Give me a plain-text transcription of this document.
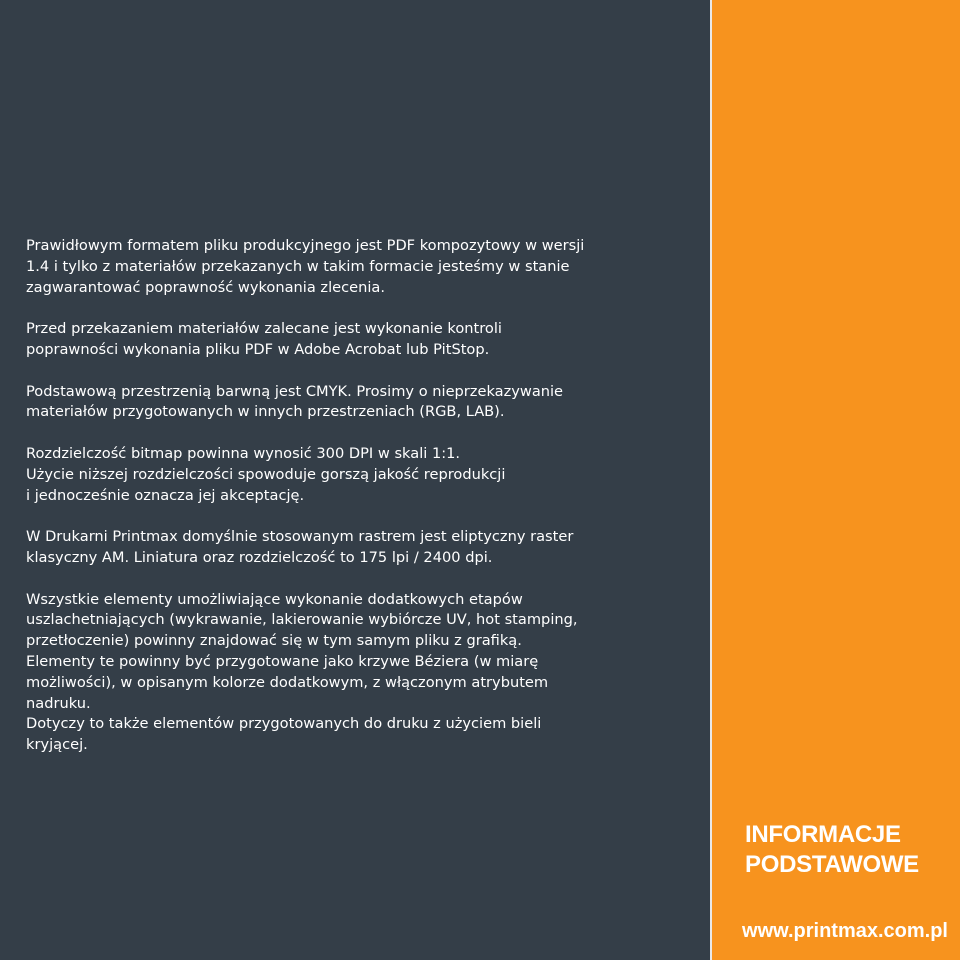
Prawidłowym formatem pliku produkcyjnego jest PDF kompozytowy w wersji
1.4 i tylko z materiałów przekazanych w takim formacie jesteśmy w stanie
zagwarantować poprawność wykonania zlecenia.

Przed przekazaniem materiałów zalecane jest wykonanie kontroli
poprawności wykonania pliku PDF w Adobe Acrobat lub PitStop.

Podstawową przestrzenią barwną jest CMYK. Prosimy o nieprzekazywanie
materiałów przygotowanych w innych przestrzeniach (RGB, LAB).

Rozdzielczość bitmap powinna wynosić 300 DPI w skali 1:1.
Użycie niższej rozdzielczości spowoduje gorszą jakość reprodukcji
i jednocześnie oznacza jej akceptację.

W Drukarni Printmax domyślnie stosowanym rastrem jest eliptyczny raster
klasyczny AM. Liniatura oraz rozdzielczość to 175 lpi / 2400 dpi.

Wszystkie elementy umożliwiające wykonanie dodatkowych etapów
uszlachetniających (wykrawanie, lakierowanie wybiórcze UV, hot stamping,
przetłoczenie) powinny znajdować się w tym samym pliku z grafiką.
Elementy te powinny być przygotowane jako krzywe Béziera (w miarę
możliwości), w opisanym kolorze dodatkowym, z włączonym atrybutem
nadruku.
Dotyczy to także elementów przygotowanych do druku z użyciem bieli
kryjącej.

INFORMACJE
PODSTAWOWE
www.printmax.com.pl
